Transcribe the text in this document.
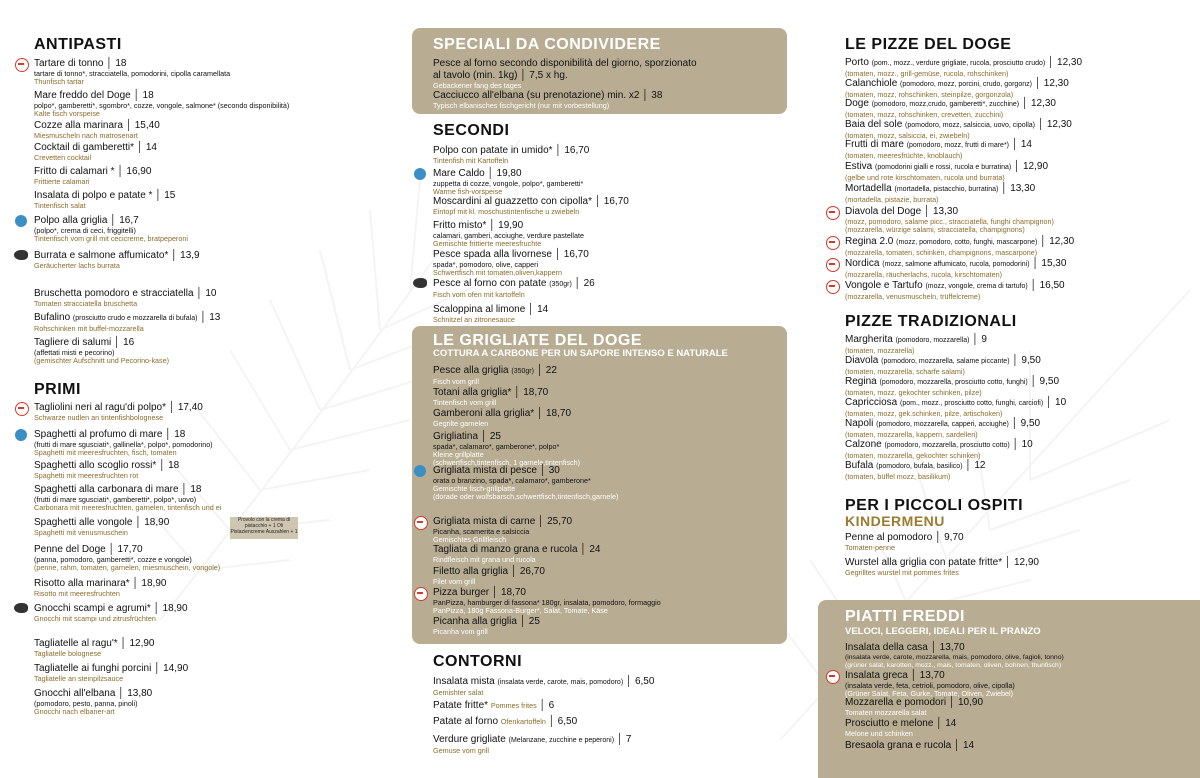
ANTIPASTI
Tartare di tonno │ 18
tartare di tonno*, stracciatella, pomodorini, cipolla caramellata
Thunfisch tartar
Mare freddo del Doge │ 18
polpo*, gamberetti*, sgombro*, cozze, vongole, salmone* (secondo disponibilità)
Kalte fisch vorspeise
Cozze alla marinara │ 15,40
Miesmuscheln nach matrosenart
Cocktail di gamberetti* │ 14
Crevetten cocktail
Fritto di calamari * │ 16,90
Frittierte calamari
Insalata di polpo e patate * │ 15
Tintenfisch salat
Polpo alla griglia │ 16,7
(polpo*, crema di ceci, friggitelli)
Tintenfisch vom grill mit cecicreme, bratpeperoni
Burrata e salmone affumicato* │ 13,9
Geräucherter lachs burrata
Bruschetta pomodoro e stracciatella │ 10
Tomaten stracciatella bruschetta
Bufalino (prosciutto crudo e mozzarella di bufala) │ 13
Rohschinken mit buffel-mozzarella
Tagliere di salumi │ 16
(affettati misti e pecorino)
(gemischter Aufschnitt und Pecorino-kase)
PRIMI
Tagliolini neri al ragu'di polpo* │ 17,40
Schwarze nudlen an tintenfishbolognese
Spaghetti al profumo di mare │ 18
(frutti di mare sgusciati*, gallinella*, polpo*, pomodorino)
Spaghetti mit meeresfruchten, fisch, tomaten
Spaghetti allo scoglio rossi* │ 18
Spaghetti mit meeresfruchten rot
Spaghetti alla carbonara di mare │ 18
(frutti di mare sgusciati*, gamberetti*, polpo*, uovo)
Carbonara mit meeresfruchten, garnelen, tintenfisch und ei
Spaghetti alle vongole │ 18,90
Spaghetti mit venusmuschein
Provolo con la crema di pistacchio + 1 Oli Pistaziencreme Auszahlen + 1
Penne del Doge │ 17,70
(panna, pomodoro, gamberetti*, cozze e vongole)
(penne, rahm, tomaten, garnelen, miesmuschein, vongole)
Risotto alla marinara* │ 18,90
Risotto mit meeresfruchten
Gnocchi scampi e agrumi* │ 18,90
Gnocchi mit scampi und zitrusfrüchten
Tagliatelle al ragu'* │ 12,90
Tagliatelle bolognese
Tagliatelle ai funghi porcini │ 14,90
Tagliatelle an steinpilzsauce
Gnocchi all'elbana │ 13,80
(pomodoro, pesto, panna, pinoli)
Gnocchi nach elbaner-art
SPECIALI DA CONDIVIDERE
Pesce al forno secondo disponibilità del giorno, sporzionato al tavolo (min. 1kg) │ 7,5 x hg.
Gebackener fang des tages
Cacciucco all'elbana (su prenotazione) min. x2 │ 38
Typisch elbanisches fischgericht (nur mit vorbestellung)
SECONDI
Polpo con patate in umido* │ 16,70
Tintenfish mit Kartoffeln
Mare Caldo │ 19,80
zuppetta di cozze, vongole, polpo*, gamberetti*
Warme fish-vorspeise
Moscardini al guazzetto con cipolla* │ 16,70
Eintopf mit kl. moschustintenfische u zwiebeln
Fritto misto* │ 19,90
calamari, gamberi, acciughe, verdure pastellate
Gemischte frittierte meeresfruchte
Pesce spada alla livornese │ 16,70
spada*, pomodoro, olive, capperi
Schwertfisch mit tomaten,oliven,kappern
Pesce al forno con patate (350gr) │ 26
Fisch vom ofen mit kartoffeln
Scaloppina al limone │ 14
Schnitzel an zitronesauce
LE GRIGLIATE DEL DOGE
COTTURA A CARBONE PER UN SAPORE INTENSO E NATURALE
Pesce alla griglia (350gr) │ 22
Fisch vom grill
Totani alla griglia* │ 18,70
Tintenfisch vom grill
Gamberoni alla griglia* │ 18,70
Gegrilte garnelen
Grigliatina │ 25
spada*, calamaro*, gamberone*, polpo*
Kleine grillplatte
(schwertfisch,tintenfisch, 1 garnele,tintenfisch)
Grigliata mista di pesce │ 30
orata o branzino, spada*, calamaro*, gamberone*
Gemischte fisch-grillplatte
(dorade oder wolfsbarsch,schwertfisch,tintenfisch,garnele)
Grigliata mista di carne │ 25,70
Picanha, scamerita e salsiccia
Gemischtes Grillfleisch
Tagliata di manzo grana e rucola │ 24
Rindfleisch mit grana und rucola
Filetto alla griglia │ 26,70
Filet vom grill
Pizza burger │ 18,70
PanPizza, hamburger di fassona* 180gr, insalata, pomodoro, formaggio
PanPizza, 180g Fassona-Burger*, Salat, Tomate, Käse
Picanha alla griglia │ 25
Picanha vom grill
CONTORNI
Insalata mista (insalata verde, carote, mais, pomodoro) │ 6,50
Gemishter salat
Patate fritte* Pommes frites │ 6
Patate al forno Ofenkartoffeln │ 6,50
Verdure grigliate (Melanzane, zucchine e peperoni) │ 7
Gemuse vom grill
LE PIZZE DEL DOGE
Porto (pom., mozz., verdure grigliate, rucola, prosciutto crudo) │ 12,30
(tomaten, mozz., grill-gemüse, rucola, rohschinken)
Calanchiole (pomodoro, mozz, porcini, crudo, gorgonz) │ 12,30
(tomaten, mozz, rohschinken, steinpilze, gorgonzola)
Doge (pomodoro, mozz,crudo, gamberetti*, zucchine) │ 12,30
(tomaten, mozz, rohschinken, crevetten, zucchini)
Baia del sole (pomodoro, mozz, salsiccia, uovo, cipolla) │ 12,30
(tomaten, mozz, salsiccia, ei, zwiebeln)
Frutti di mare (pomodoro, mozz, frutti di mare*) │ 14
(tomaten, meeresfrüchte, knoblauch)
Estiva (pomodorini gialli e rossi, rucola e burratina) │ 12,90
(gelbe und rote kirschtomaten, rucola und burrata)
Mortadella (mortadella, pistacchio, burratina) │ 13,30
(mortadella, pistazie, burrata)
Diavola del Doge │ 13,30
(mozz, pomodoro, salame picc., stracciatella, funghi champignon)
(mozzarella, würzige salami, stracciatella, champignons)
Regina 2.0 (mozz, pomodoro, cotto, funghi, mascarpone) │ 12,30
(mozzarella, tomaten, schinken, champignons, mascarpone)
Nordica (mozz, salmone affumicato, rucola, pomodorini) │ 15,30
(mozzarella, räucherlachs, rucola, kirschtomaten)
Vongole e Tartufo (mozz, vongole, crema di tartufo) │ 16,50
(mozzarella, venusmuscheln, trüffelcreme)
PIZZE TRADIZIONALI
Margherita (pomodoro, mozzarella) │ 9
(tomaten, mozzarella)
Diavola (pomodoro, mozzarella, salame piccante) │ 9,50
(tomaten, mozzarella, scharfe salami)
Regina (pomodoro, mozzarella, prosciutto cotto, funghi) │ 9,50
(tomaten, mozz. gekochter schinken, pilze)
Capricciosa (pom., mozz., prosciutto cotto, funghi, carciofi) │ 10
(tomaten, mozz, gek.schinken, pilze, artischoken)
Napoli (pomodoro, mozzarella, capperi, acciughe) │ 9,50
(tomaten, mozzarella, kappern, sardellen)
Calzone (pomodoro, mozzarella, prosciutto cotto) │ 10
(tomaten, mozzarella, gekochter schinken)
Bufala (pomodoro, bufala, basilico) │ 12
(tomaten, büffel mozz, basilikum)
PER I PICCOLI OSPITI
KINDERMENU
Penne al pomodoro │ 9,70
Tomaten-penne
Wurstel alla griglia con patate fritte* │ 12,90
Gegrilltes wurstel mit pommes frites
PIATTI FREDDI
VELOCI, LEGGERI, IDEALI PER IL PRANZO
Insalata della casa │ 13,70
(insalata verde, carote, mozzarella, mais, pomodoro, olive, fagioli, tonno)
(grüner salat, karotten, mozz., mais, tomaten, oliven, bohnen, thunfisch)
Insalata greca │ 13,70
(insalata verde, feta, cetrioli, pomodoro, olive, cipolla)
(Grüner Salat, Feta, Gurke, Tomate, Oliven, Zwiebel)
Mozzarella e pomodori │ 10,90
Tomaten mozzarella salat
Prosciutto e melone │ 14
Melone und schinken
Bresaola grana e rucola │ 14
